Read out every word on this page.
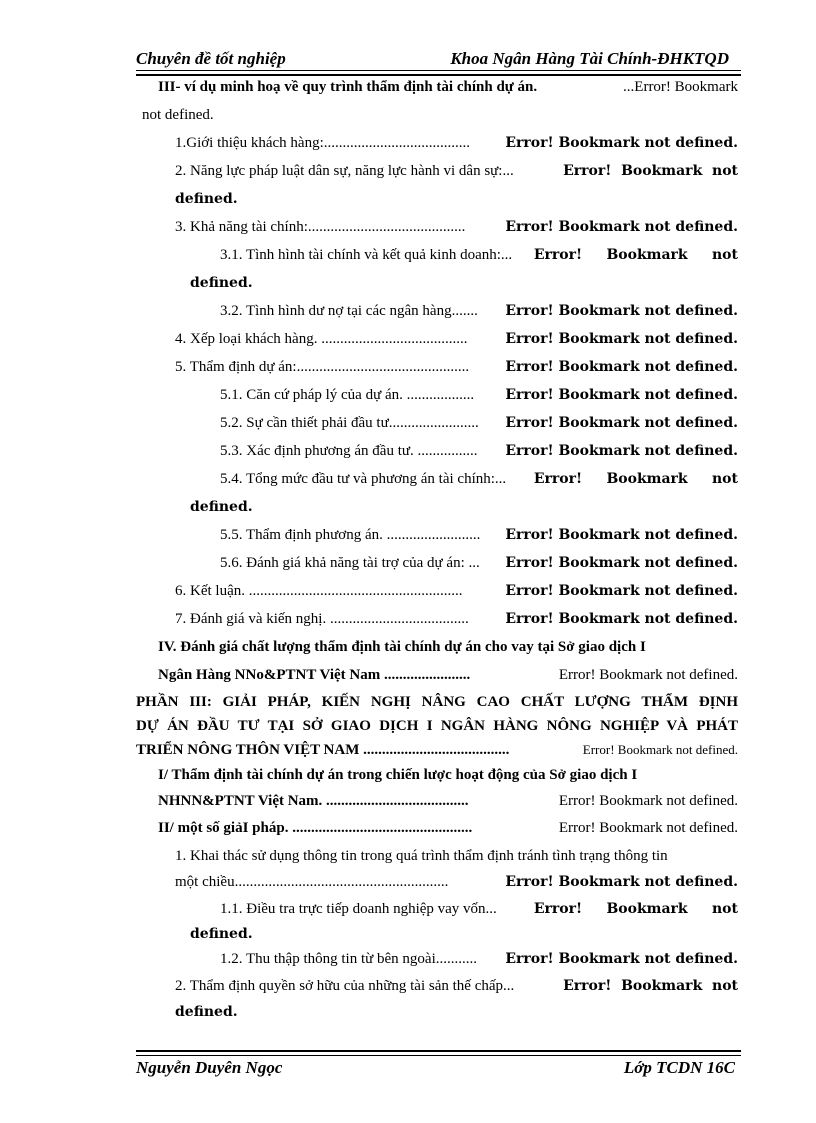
Chuyên đề tốt nghiệp	Khoa Ngân Hàng Tài Chính-ĐHKTQD
III- ví dụ minh hoạ về quy trình thẩm định tài chính dự án.	...Error! Bookmark
not defined.
1.Giới thiệu khách hàng:.......................................	Error! Bookmark not defined.
2. Năng lực pháp luật dân sự, năng lực hành vi dân sự:...	Error!  Bookmark  not
defined.
3. Khả năng tài chính:..........................................	Error! Bookmark not defined.
3.1. Tình hình tài chính và kết quả kinh doanh:...	Error!     Bookmark     not
defined.
3.2. Tình hình dư nợ tại các ngân hàng.......	Error! Bookmark not defined.
4. Xếp loại khách hàng. .......................................	Error! Bookmark not defined.
5. Thẩm định dự án:..............................................	Error! Bookmark not defined.
5.1. Căn cứ pháp lý của dự án. ..................	Error! Bookmark not defined.
5.2. Sự cần thiết phải đầu tư........................	Error! Bookmark not defined.
5.3. Xác định phương án đầu tư. ................	Error! Bookmark not defined.
5.4. Tổng mức đầu tư và phương án tài chính:...	Error!     Bookmark     not
defined.
5.5. Thẩm định phương án. .........................	Error! Bookmark not defined.
5.6. Đánh giá khả năng tài trợ của dự án: ...	Error! Bookmark not defined.
6. Kết luận. .........................................................	Error! Bookmark not defined.
7. Đánh giá và kiến nghị. .....................................	Error! Bookmark not defined.
IV. Đánh giá chất lượng thẩm định tài chính dự án cho vay tại Sở giao dịch I
Ngân Hàng NNo&PTNT Việt Nam .......................	Error! Bookmark not defined.
PHẦN III: GIẢI PHÁP, KIẾN NGHỊ NÂNG CAO CHẤT LƯỢNG THẨM ĐỊNH
DỰ ÁN ĐẦU TƯ TẠI SỞ GIAO DỊCH I NGÂN HÀNG NÔNG NGHIỆP VÀ PHÁT
TRIỂN NÔNG THÔN VIỆT NAM .......................................	Error! Bookmark not defined.
I/ Thẩm định tài chính dự án trong chiến lược hoạt động của Sở giao dịch I
NHNN&PTNT Việt Nam. ......................................	Error! Bookmark not defined.
II/ một số giảI pháp. ................................................	Error! Bookmark not defined.
1. Khai thác sử dụng thông tin trong quá trình thẩm định tránh tình trạng thông tin
một chiều.........................................................	Error! Bookmark not defined.
1.1. Điều tra trực tiếp doanh nghiệp vay vốn...	Error!     Bookmark     not
defined.
1.2. Thu thập thông tin từ bên ngoài...........	Error! Bookmark not defined.
2. Thẩm định quyền sở hữu của những tài sản thế chấp...	Error!  Bookmark  not
defined.
Nguyễn Duyên Ngọc	Lớp TCDN 16C
